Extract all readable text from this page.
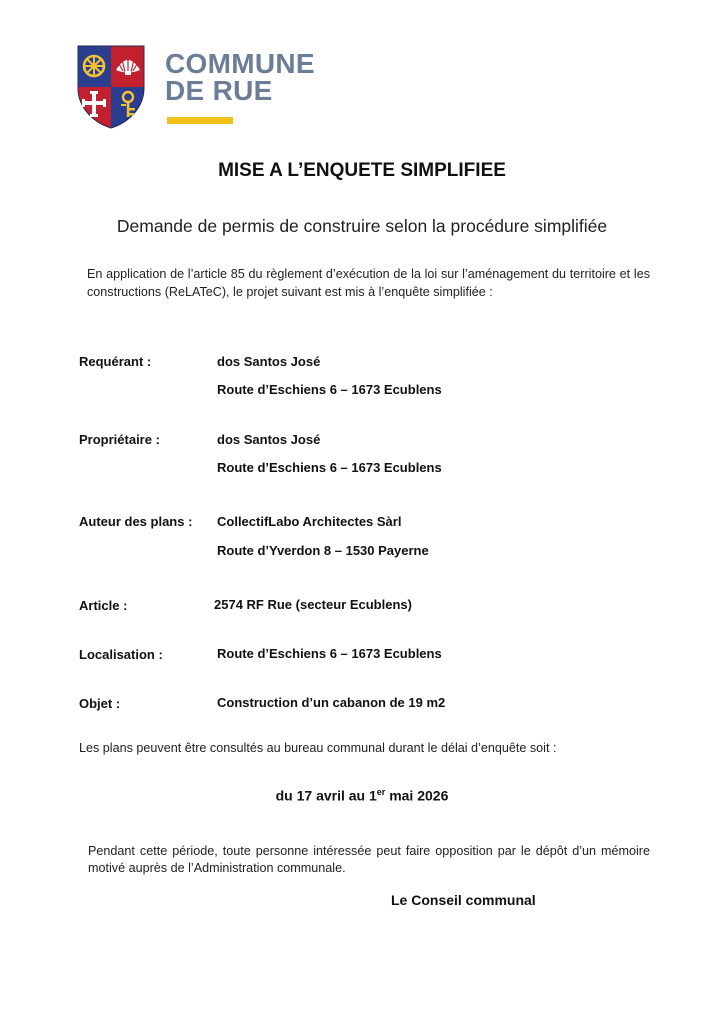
COMMUNE
DE RUE
MISE A L’ENQUETE SIMPLIFIEE

Demande de permis de construire selon la procédure simplifiée

En application de l’article 85 du règlement d’exécution de la loi sur l’aménagement du territoire et les constructions (ReLATeC), le projet suivant est mis à l’enquête simplifiée :

Requérant :	dos Santos José

Route d’Eschiens 6 – 1673 Ecublens

Propriétaire :	dos Santos José

Route d’Eschiens 6 – 1673 Ecublens

Auteur des plans : CollectifLabo Architectes Sàrl

Route d’Yverdon 8 – 1530 Payerne

Article :	2574 RF Rue (secteur Ecublens)

Localisation :	Route d’Eschiens 6 – 1673 Ecublens

Objet :	Construction d’un cabanon de 19 m2

Les plans peuvent être consultés au bureau communal durant le délai d’enquête soit :

du 17 avril au 1er mai 2026

Pendant cette période, toute personne intéressée peut faire opposition par le dépôt d’un mémoire motivé auprès de l’Administration communale.

Le Conseil communal
